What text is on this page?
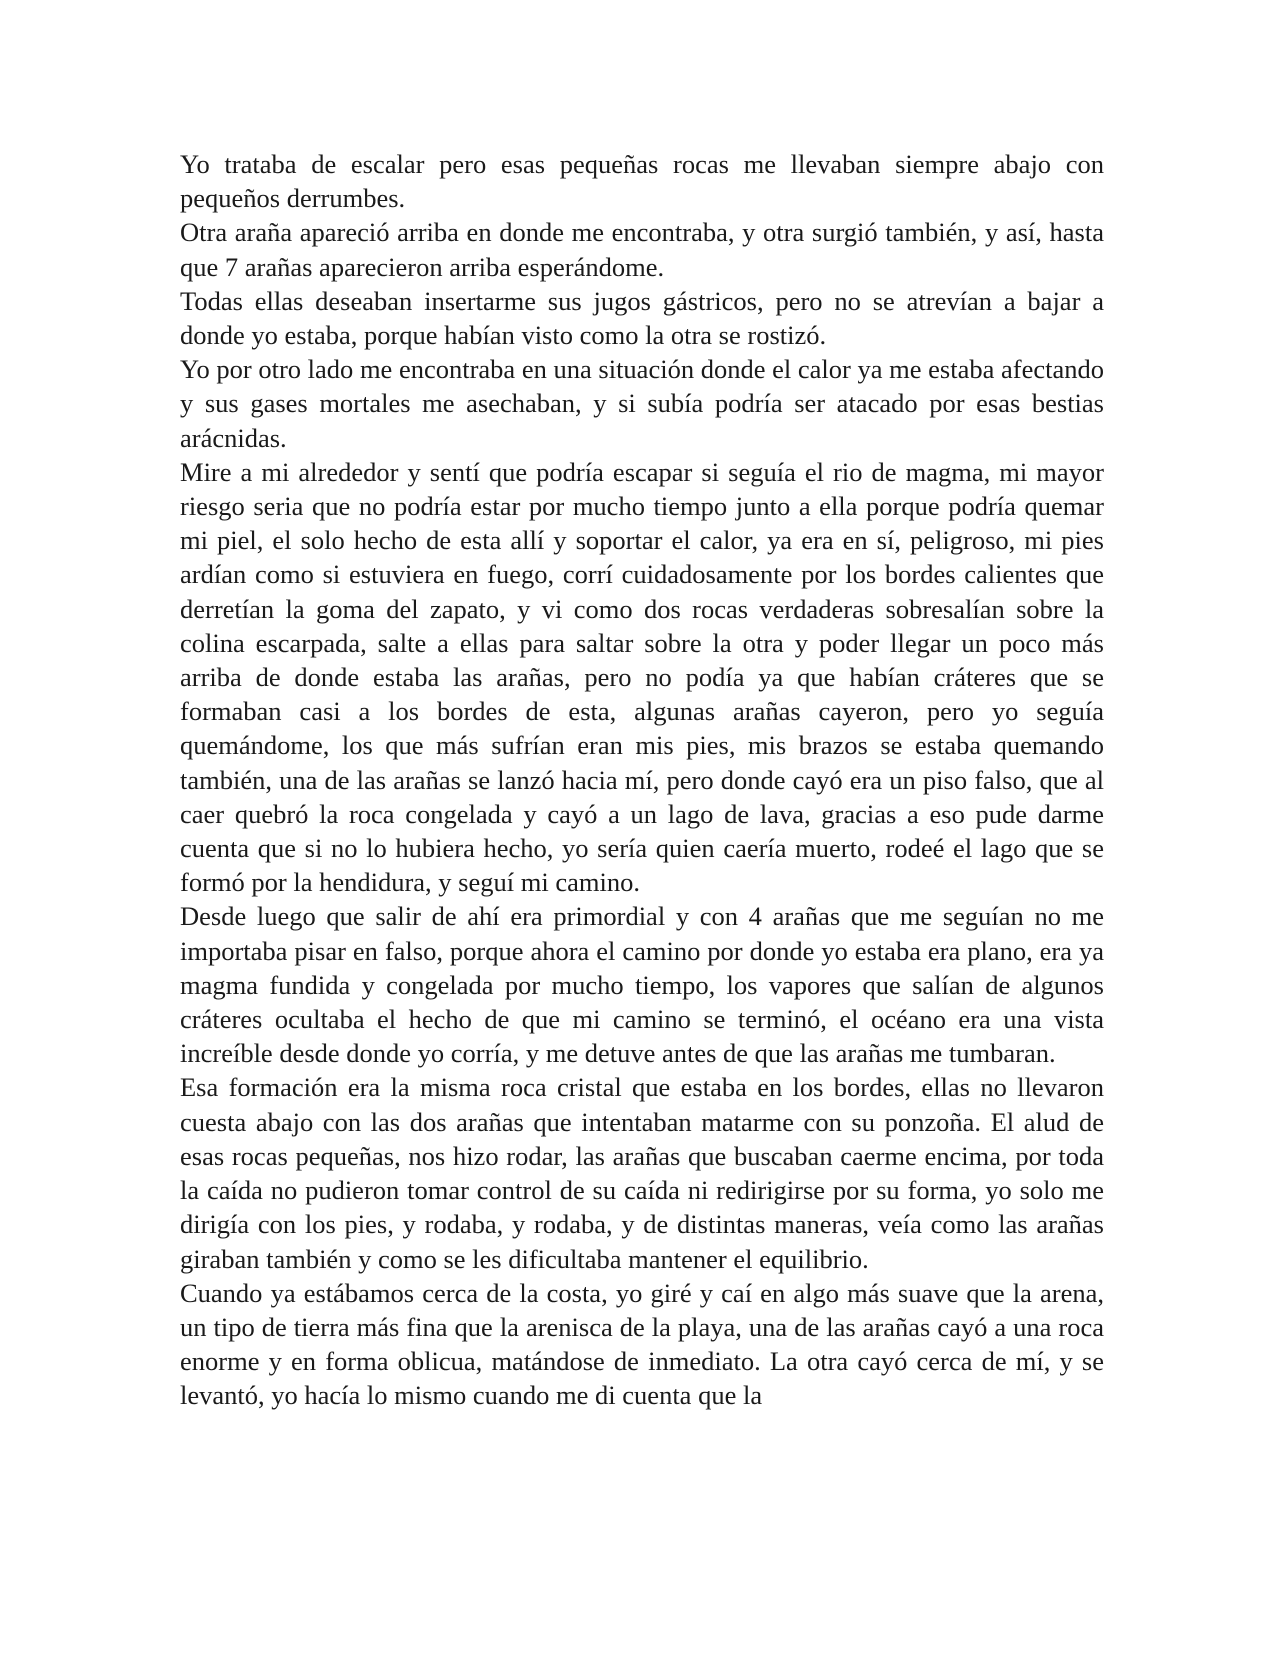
Yo trataba de escalar pero esas pequeñas rocas me llevaban siempre abajo con pequeños derrumbes.

Otra araña apareció arriba en donde me encontraba, y otra surgió también, y así, hasta que 7 arañas aparecieron arriba esperándome.

Todas ellas deseaban insertarme sus jugos gástricos, pero no se atrevían a bajar a donde yo estaba, porque habían visto como la otra se rostizó.

Yo por otro lado me encontraba en una situación donde el calor ya me estaba afectando y sus gases mortales me asechaban, y si subía podría ser atacado por esas bestias arácnidas.

Mire a mi alrededor y sentí que podría escapar si seguía el rio de magma, mi mayor riesgo seria que no podría estar por mucho tiempo junto a ella porque podría quemar mi piel, el solo hecho de esta allí y soportar el calor, ya era en sí, peligroso, mi pies ardían como si estuviera en fuego, corrí cuidadosamente por los bordes calientes que derretían la goma del zapato, y vi como dos rocas verdaderas sobresalían sobre la colina escarpada, salte a ellas para saltar sobre la otra y poder llegar un poco más arriba de donde estaba las arañas, pero no podía ya que habían cráteres que se formaban casi a los bordes de esta, algunas arañas cayeron, pero yo seguía quemándome, los que más sufrían eran mis pies, mis brazos se estaba quemando también, una de las arañas se lanzó hacia mí, pero donde cayó era un piso falso, que al caer quebró la roca congelada y cayó a un lago de lava, gracias a eso pude darme cuenta que si no lo hubiera hecho, yo sería quien caería muerto, rodeé el lago que se formó por la hendidura, y seguí mi camino.

Desde luego que salir de ahí era primordial y con 4 arañas que me seguían no me importaba pisar en falso, porque ahora el camino por donde yo estaba era plano, era ya magma fundida y congelada por mucho tiempo, los vapores que salían de algunos cráteres ocultaba el hecho de que mi camino se terminó, el océano era una vista increíble desde donde yo corría, y me detuve antes de que las arañas me tumbaran.

Esa formación era la misma roca cristal que estaba en los bordes, ellas no llevaron cuesta abajo con las dos arañas que intentaban matarme con su ponzoña. El alud de esas rocas pequeñas, nos hizo rodar, las arañas que buscaban caerme encima, por toda la caída no pudieron tomar control de su caída ni redirigirse por su forma, yo solo me dirigía con los pies, y rodaba, y rodaba, y de distintas maneras, veía como las arañas giraban también y como se les dificultaba mantener el equilibrio.

Cuando ya estábamos cerca de la costa, yo giré y caí en algo más suave que la arena, un tipo de tierra más fina que la arenisca de la playa, una de las arañas cayó a una roca enorme y en forma oblicua, matándose de inmediato. La otra cayó cerca de mí, y se levantó, yo hacía lo mismo cuando me di cuenta que la
